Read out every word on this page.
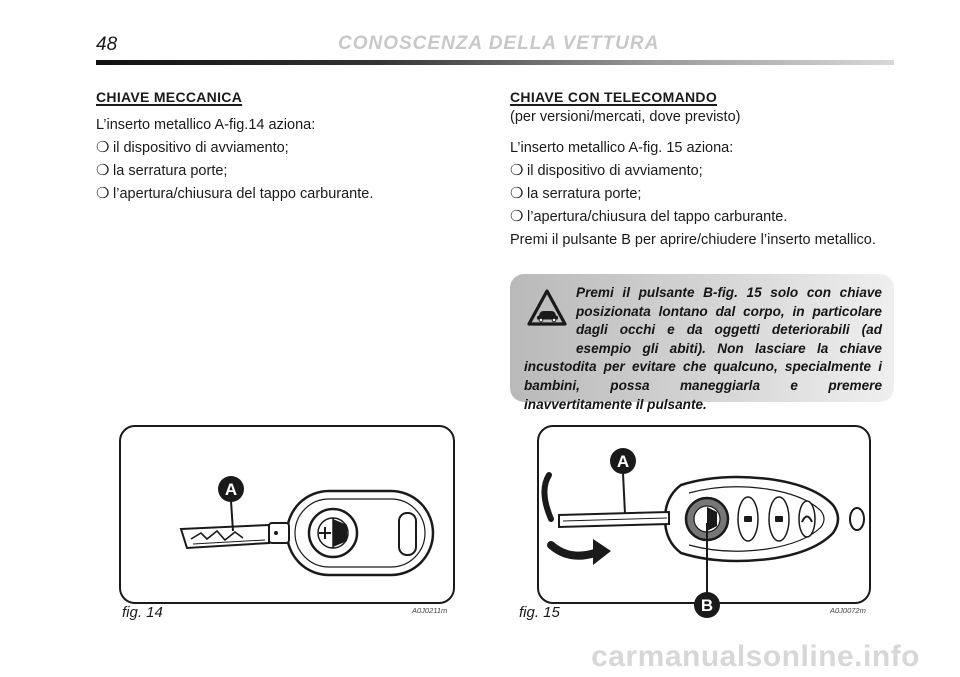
48	CONOSCENZA DELLA VETTURA
CHIAVE MECCANICA
L’inserto metallico A-fig.14 aziona:
❍ il dispositivo di avviamento;
❍ la serratura porte;
❍ l’apertura/chiusura del tappo carburante.
CHIAVE CON TELECOMANDO
(per versioni/mercati, dove previsto)
L’inserto metallico A-fig. 15 aziona:
❍ il dispositivo di avviamento;
❍ la serratura porte;
❍ l’apertura/chiusura del tappo carburante.
Premi il pulsante B per aprire/chiudere l’inserto metallico.
Premi il pulsante B-fig. 15 solo con chiave posizionata lontano dal corpo, in particolare dagli occhi e da oggetti deteriorabili (ad esempio gli abiti). Non lasciare la chiave incustodita per evitare che qualcuno, specialmente i bambini, possa maneggiarla e premere inavvertitamente il pulsante.
A
fig. 14	A0J0211m
A
B
fig. 15	A0J0072m
carmanualsonline.info
